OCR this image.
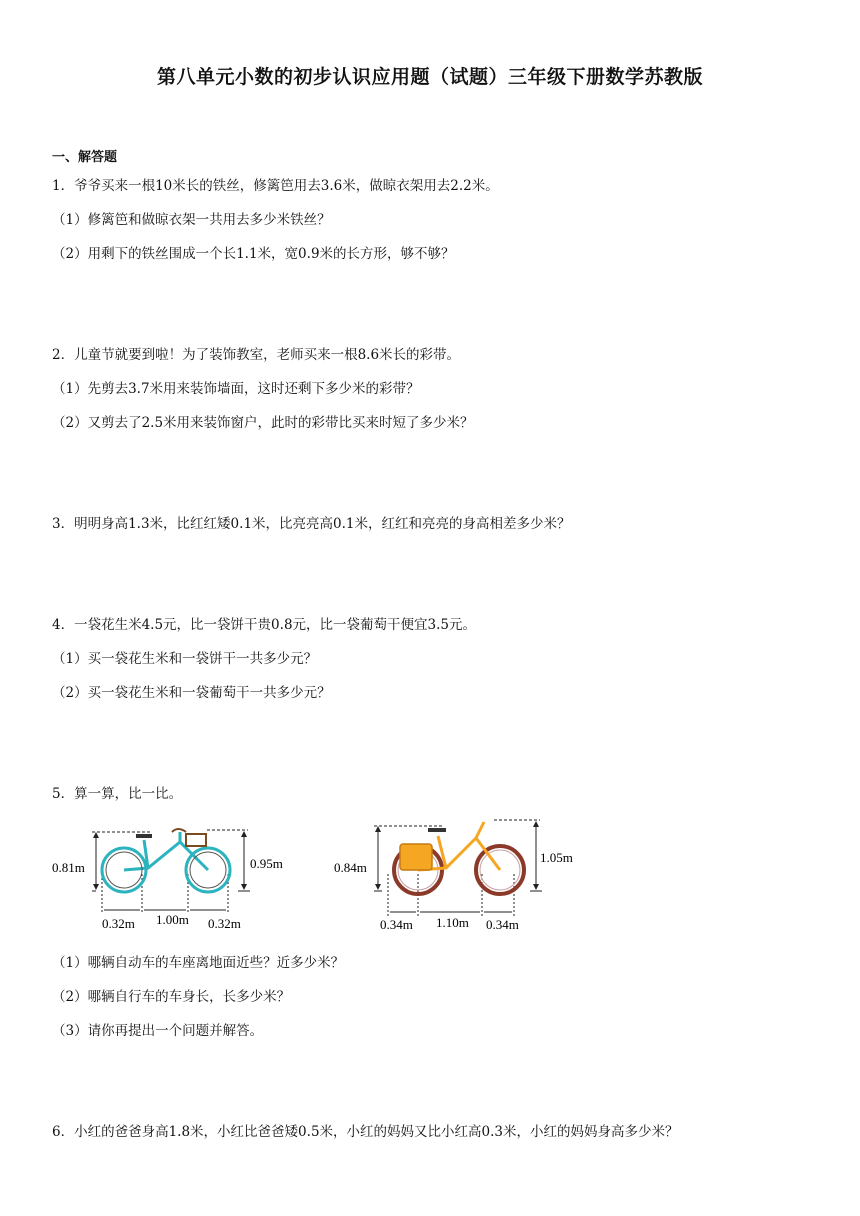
第八单元小数的初步认识应用题（试题）三年级下册数学苏教版
一、解答题
1．爷爷买来一根10米长的铁丝，修篱笆用去3.6米，做晾衣架用去2.2米。
（1）修篱笆和做晾衣架一共用去多少米铁丝？
（2）用剩下的铁丝围成一个长1.1米，宽0.9米的长方形，够不够？
2．儿童节就要到啦！为了装饰教室，老师买来一根8.6米长的彩带。
（1）先剪去3.7米用来装饰墙面，这时还剩下多少米的彩带？
（2）又剪去了2.5米用来装饰窗户，此时的彩带比买来时短了多少米？
3．明明身高1.3米，比红红矮0.1米，比亮亮高0.1米，红红和亮亮的身高相差多少米？
4．一袋花生米4.5元，比一袋饼干贵0.8元，比一袋葡萄干便宜3.5元。
（1）买一袋花生米和一袋饼干一共多少元？
（2）买一袋花生米和一袋葡萄干一共多少元？
5．算一算，比一比。
0.81m	0.95m
0.32m 1.00m 0.32m
0.84m
1.05m
0.34m 1.10m 0.34m
（1）哪辆自动车的车座离地面近些？近多少米？
（2）哪辆自行车的车身长，长多少米？
（3）请你再提出一个问题并解答。
6．小红的爸爸身高1.8米，小红比爸爸矮0.5米，小红的妈妈又比小红高0.3米，小红的妈妈身高多少米？
